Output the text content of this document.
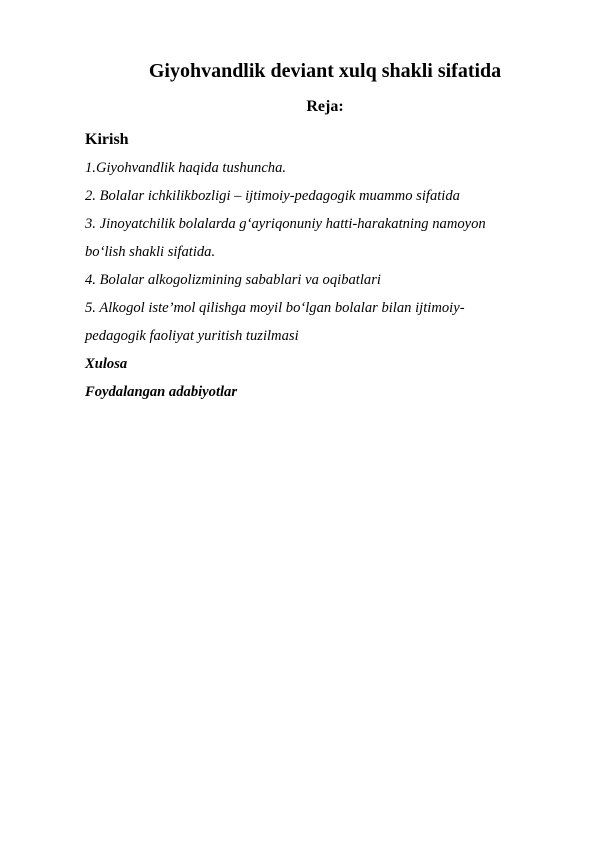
Giyohvandlik deviant xulq shakli sifatida
Reja:
Kirish
1.Giyohvandlik haqida tushuncha.
2. Bolalar ichkilikbozligi – ijtimoiy-pedagogik muammo sifatida
3. Jinoyatchilik bolalarda g‘ayriqonuniy hatti-harakatning namoyon
bo‘lish shakli sifatida.
4. Bolalar alkogolizmining sabablari va oqibatlari
5. Alkogol iste’mol qilishga moyil bo‘lgan bolalar bilan ijtimoiy-
pedagogik faoliyat yuritish tuzilmasi
Xulosa
Foydalangan adabiyotlar
